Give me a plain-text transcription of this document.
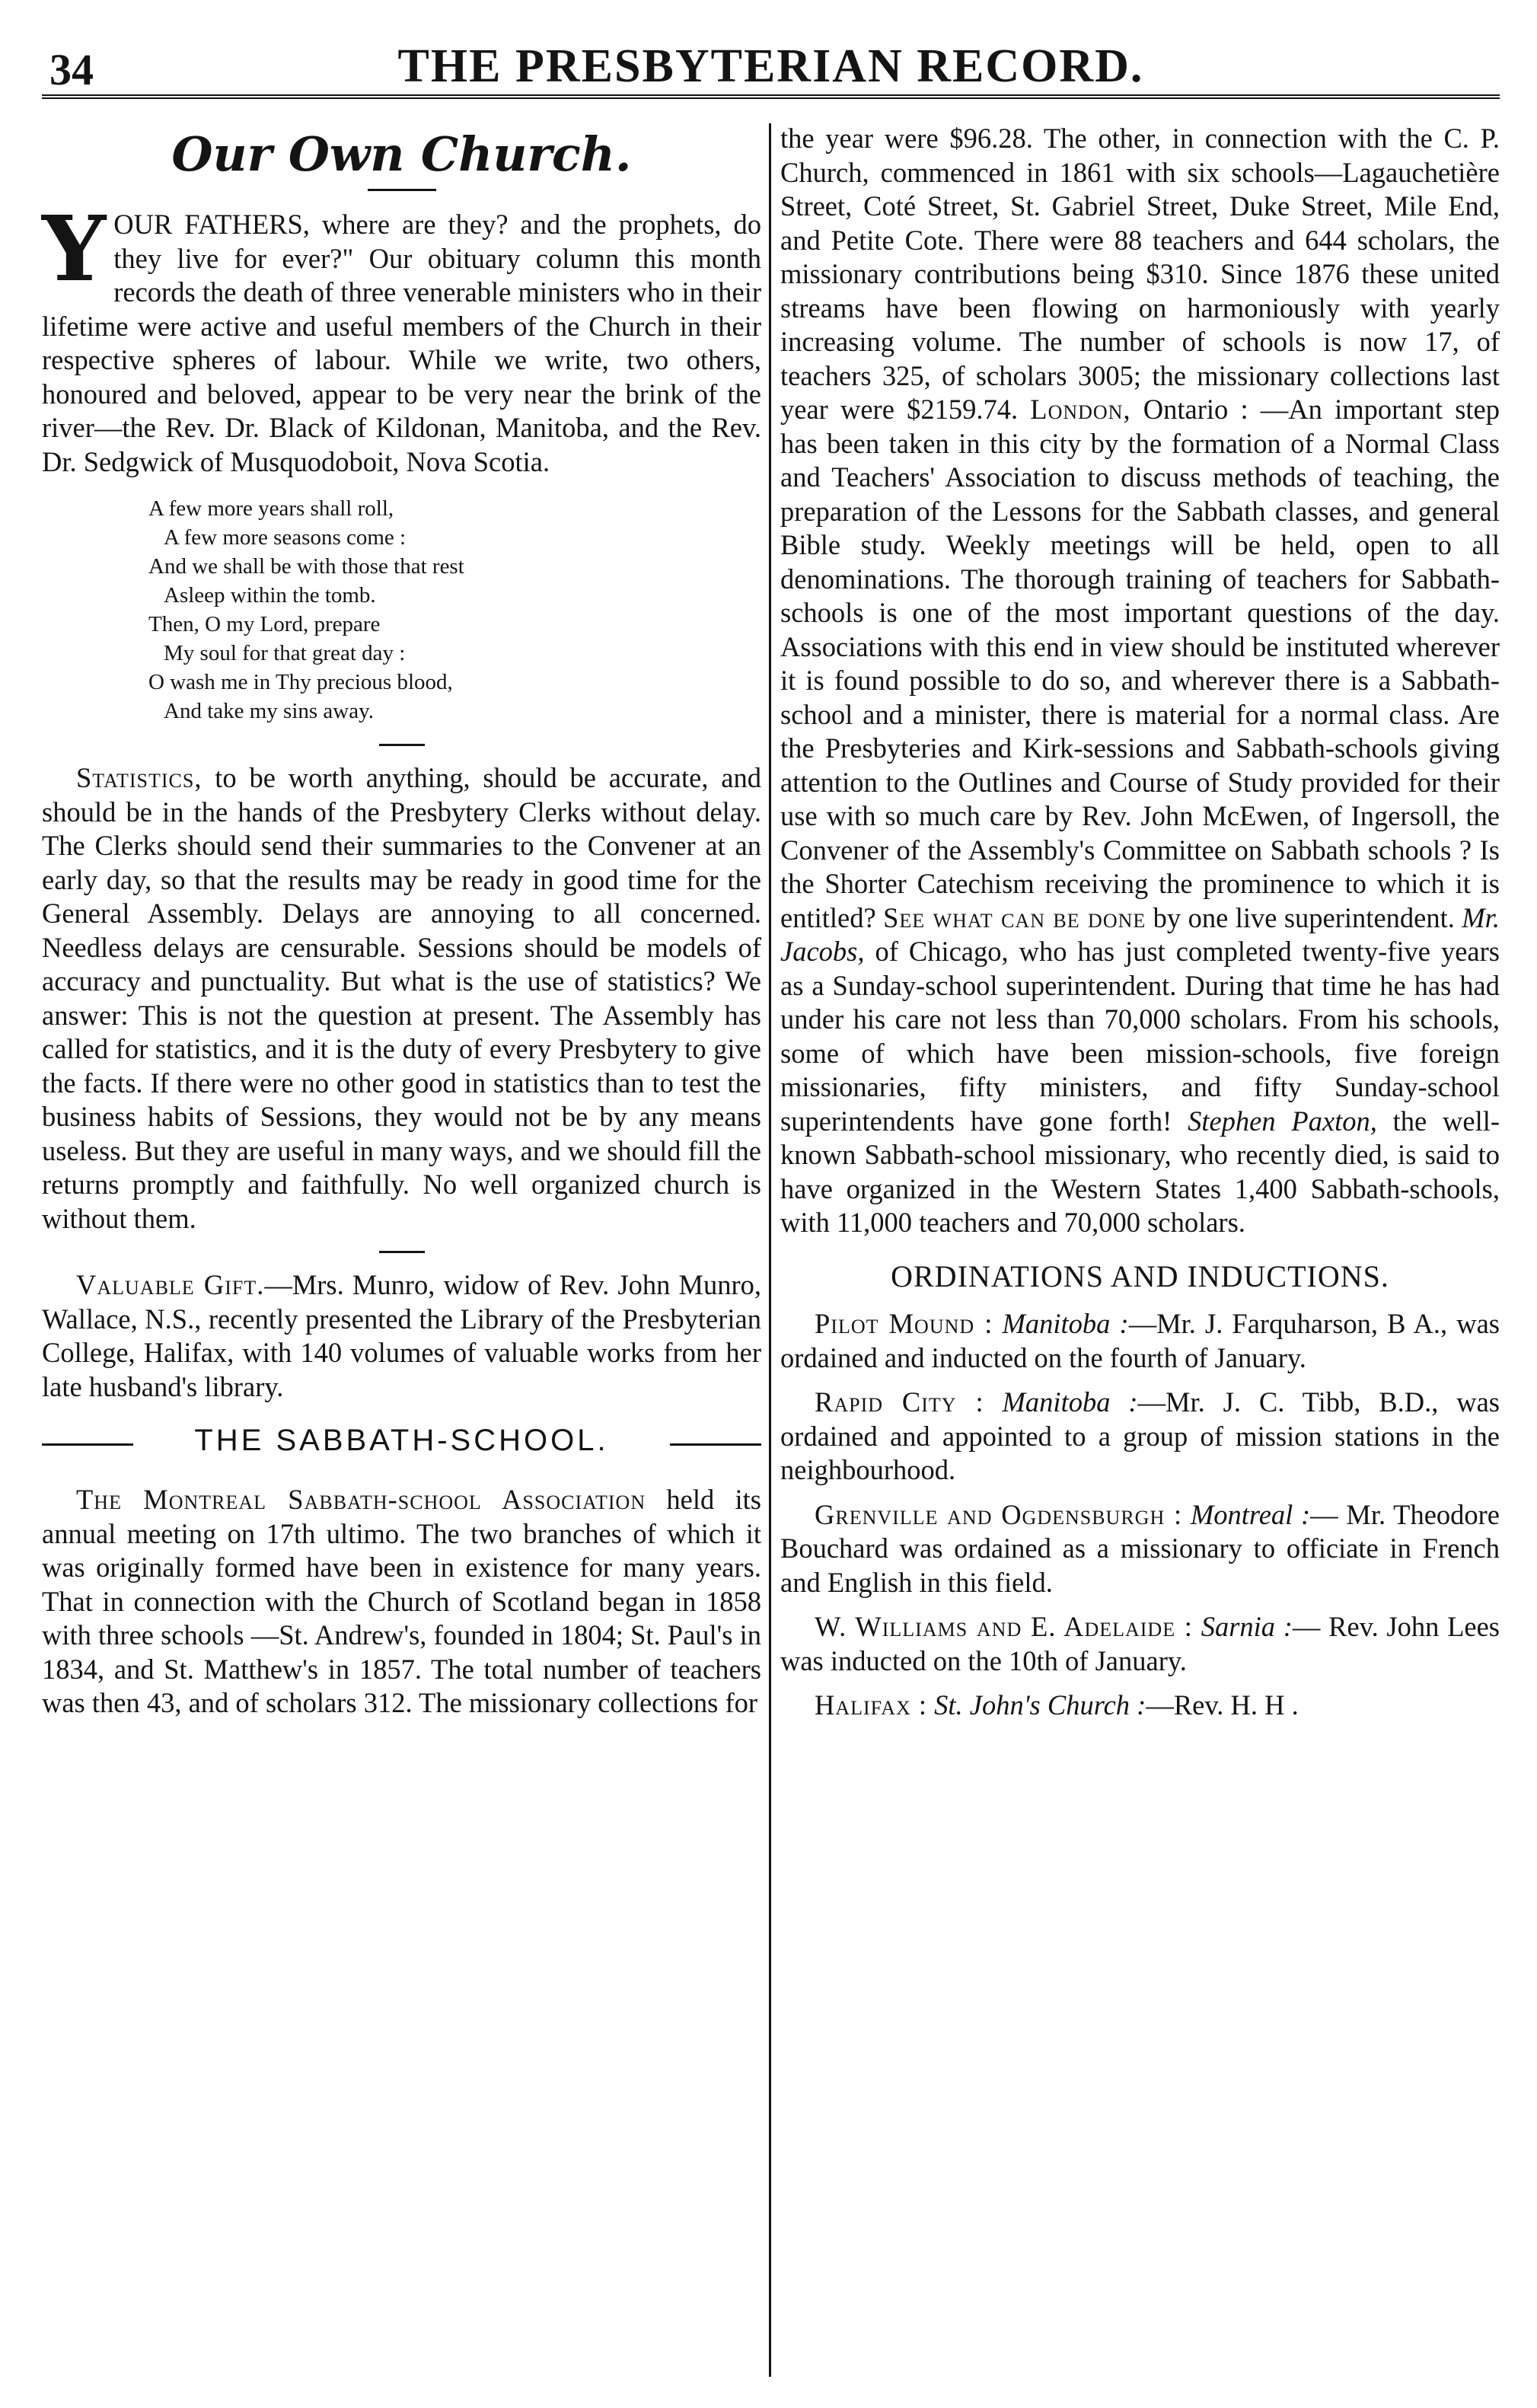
34	THE PRESBYTERIAN RECORD.
Our Own Church.

YOUR FATHERS, where are they? and the prophets, do they live for ever?" Our obituary column this month records the death of three venerable ministers who in their lifetime were active and useful members of the Church in their respective spheres of labour. While we write, two others, honoured and beloved, appear to be very near the brink of the river—the Rev. Dr. Black of Kildonan, Manitoba, and the Rev. Dr. Sedgwick of Musquodoboit, Nova Scotia.

A few more years shall roll,
A few more seasons come :
And we shall be with those that rest
Asleep within the tomb.
Then, O my Lord, prepare
My soul for that great day :
O wash me in Thy precious blood,
And take my sins away.

Statistics, to be worth anything, should be accurate, and should be in the hands of the Presbytery Clerks without delay. The Clerks should send their summaries to the Convener at an early day, so that the results may be ready in good time for the General Assembly. Delays are annoying to all concerned. Needless delays are censurable. Sessions should be models of accuracy and punctuality. But what is the use of statistics? We answer: This is not the question at present. The Assembly has called for statistics, and it is the duty of every Presbytery to give the facts. If there were no other good in statistics than to test the business habits of Sessions, they would not be by any means useless. But they are useful in many ways, and we should fill the returns promptly and faithfully. No well organized church is without them.

Valuable Gift.—Mrs. Munro, widow of Rev. John Munro, Wallace, N.S., recently presented the Library of the Presbyterian College, Halifax, with 140 volumes of valuable works from her late husband's library.

THE SABBATH-SCHOOL.

The Montreal Sabbath-school Association held its annual meeting on 17th ultimo. The two branches of which it was originally formed have been in existence for many years. That in connection with the Church of Scotland began in 1858 with three schools —St. Andrew's, founded in 1804; St. Paul's in 1834, and St. Matthew's in 1857. The total number of teachers was then 43, and of scholars 312. The missionary collections for

the year were $96.28. The other, in connection with the C. P. Church, commenced in 1861 with six schools—Lagauchetière Street, Coté Street, St. Gabriel Street, Duke Street, Mile End, and Petite Cote. There were 88 teachers and 644 scholars, the missionary contributions being $310. Since 1876 these united streams have been flowing on harmoniously with yearly increasing volume. The number of schools is now 17, of teachers 325, of scholars 3005; the missionary collections last year were $2159.74. London, Ontario : —An important step has been taken in this city by the formation of a Normal Class and Teachers' Association to discuss methods of teaching, the preparation of the Lessons for the Sabbath classes, and general Bible study. Weekly meetings will be held, open to all denominations. The thorough training of teachers for Sabbath-schools is one of the most important questions of the day. Associations with this end in view should be instituted wherever it is found possible to do so, and wherever there is a Sabbath-school and a minister, there is material for a normal class. Are the Presbyteries and Kirk-sessions and Sabbath-schools giving attention to the Outlines and Course of Study provided for their use with so much care by Rev. John McEwen, of Ingersoll, the Convener of the Assembly's Committee on Sabbath schools ? Is the Shorter Catechism receiving the prominence to which it is entitled? See what can be done by one live superintendent. Mr. Jacobs, of Chicago, who has just completed twenty-five years as a Sunday-school superintendent. During that time he has had under his care not less than 70,000 scholars. From his schools, some of which have been mission-schools, five foreign missionaries, fifty ministers, and fifty Sunday-school superintendents have gone forth! Stephen Paxton, the well-known Sabbath-school missionary, who recently died, is said to have organized in the Western States 1,400 Sabbath-schools, with 11,000 teachers and 70,000 scholars.

ORDINATIONS AND INDUCTIONS.

Pilot Mound : Manitoba :—Mr. J. Farquharson, B A., was ordained and inducted on the fourth of January.

Rapid City : Manitoba :—Mr. J. C. Tibb, B.D., was ordained and appointed to a group of mission stations in the neighbourhood.

Grenville and Ogdensburgh : Montreal :— Mr. Theodore Bouchard was ordained as a missionary to officiate in French and English in this field.

W. Williams and E. Adelaide : Sarnia :— Rev. John Lees was inducted on the 10th of January.

Halifax : St. John's Church :—Rev. H. H .
